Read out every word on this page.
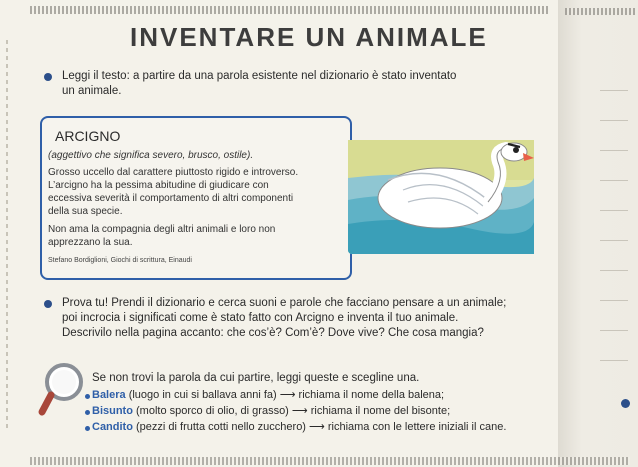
INVENTARE UN ANIMALE
Leggi il testo: a partire da una parola esistente nel dizionario è stato inventato
un animale.
ARCIGNO
(aggettivo che significa severo, brusco, ostile).
Grosso uccello dal carattere piuttosto rigido e introverso.
L’arcigno ha la pessima abitudine di giudicare con
eccessiva severità il comportamento di altri componenti
della sua specie.
Non ama la compagnia degli altri animali e loro non
apprezzano la sua.
Stefano Bordiglioni, Giochi di scrittura, Einaudi
Prova tu! Prendi il dizionario e cerca suoni e parole che facciano pensare a un animale;
poi incrocia i significati come è stato fatto con Arcigno e inventa il tuo animale.
Descrivilo nella pagina accanto: che cos’è? Com’è? Dove vive? Che cosa mangia?
Se non trovi la parola da cui partire, leggi queste e scegline una.
Balera (luogo in cui si ballava anni fa) ⟶ richiama il nome della balena;
Bisunto (molto sporco di olio, di grasso) ⟶ richiama il nome del bisonte;
Candito (pezzi di frutta cotti nello zucchero) ⟶ richiama con le lettere iniziali il cane.
